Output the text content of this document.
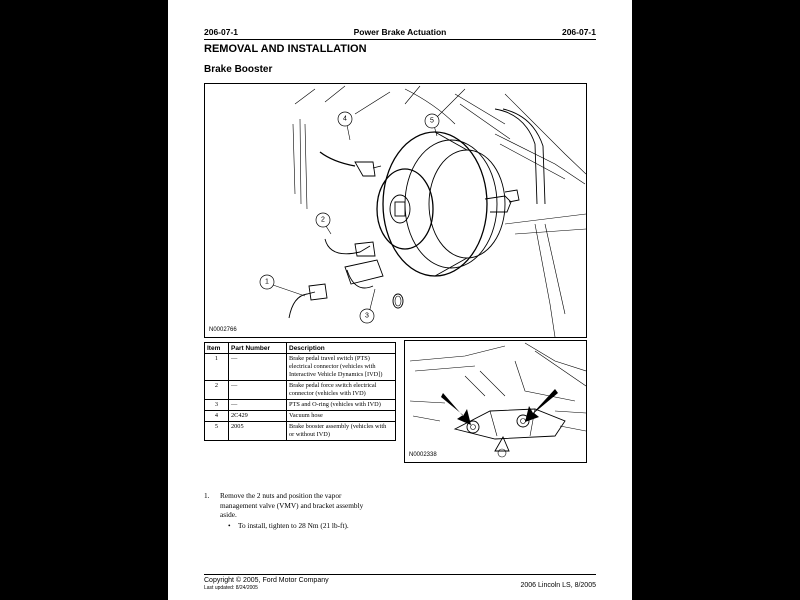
206-07-1	Power Brake Actuation	206-07-1
REMOVAL AND INSTALLATION
Brake Booster
4	5
2
1
3
N0002766
Item	Part Number	Description
1	—	Brake pedal travel switch (PTS) electrical connector (vehicles with Interactive Vehicle Dynamics [IVD])
2	—	Brake pedal force switch electrical connector (vehicles with IVD)
3	—	PTS and O-ring (vehicles with IVD)
4	2C429	Vacuum hose
5	2005	Brake booster assembly (vehicles with or without IVD)
N0002338
1.	Remove the 2 nuts and position the vapor management valve (VMV) and bracket assembly aside.
• To install, tighten to 28 Nm (21 lb-ft).
Copyright © 2005, Ford Motor Company
Last updated: 8/24/2005	2006 Lincoln LS, 8/2005
